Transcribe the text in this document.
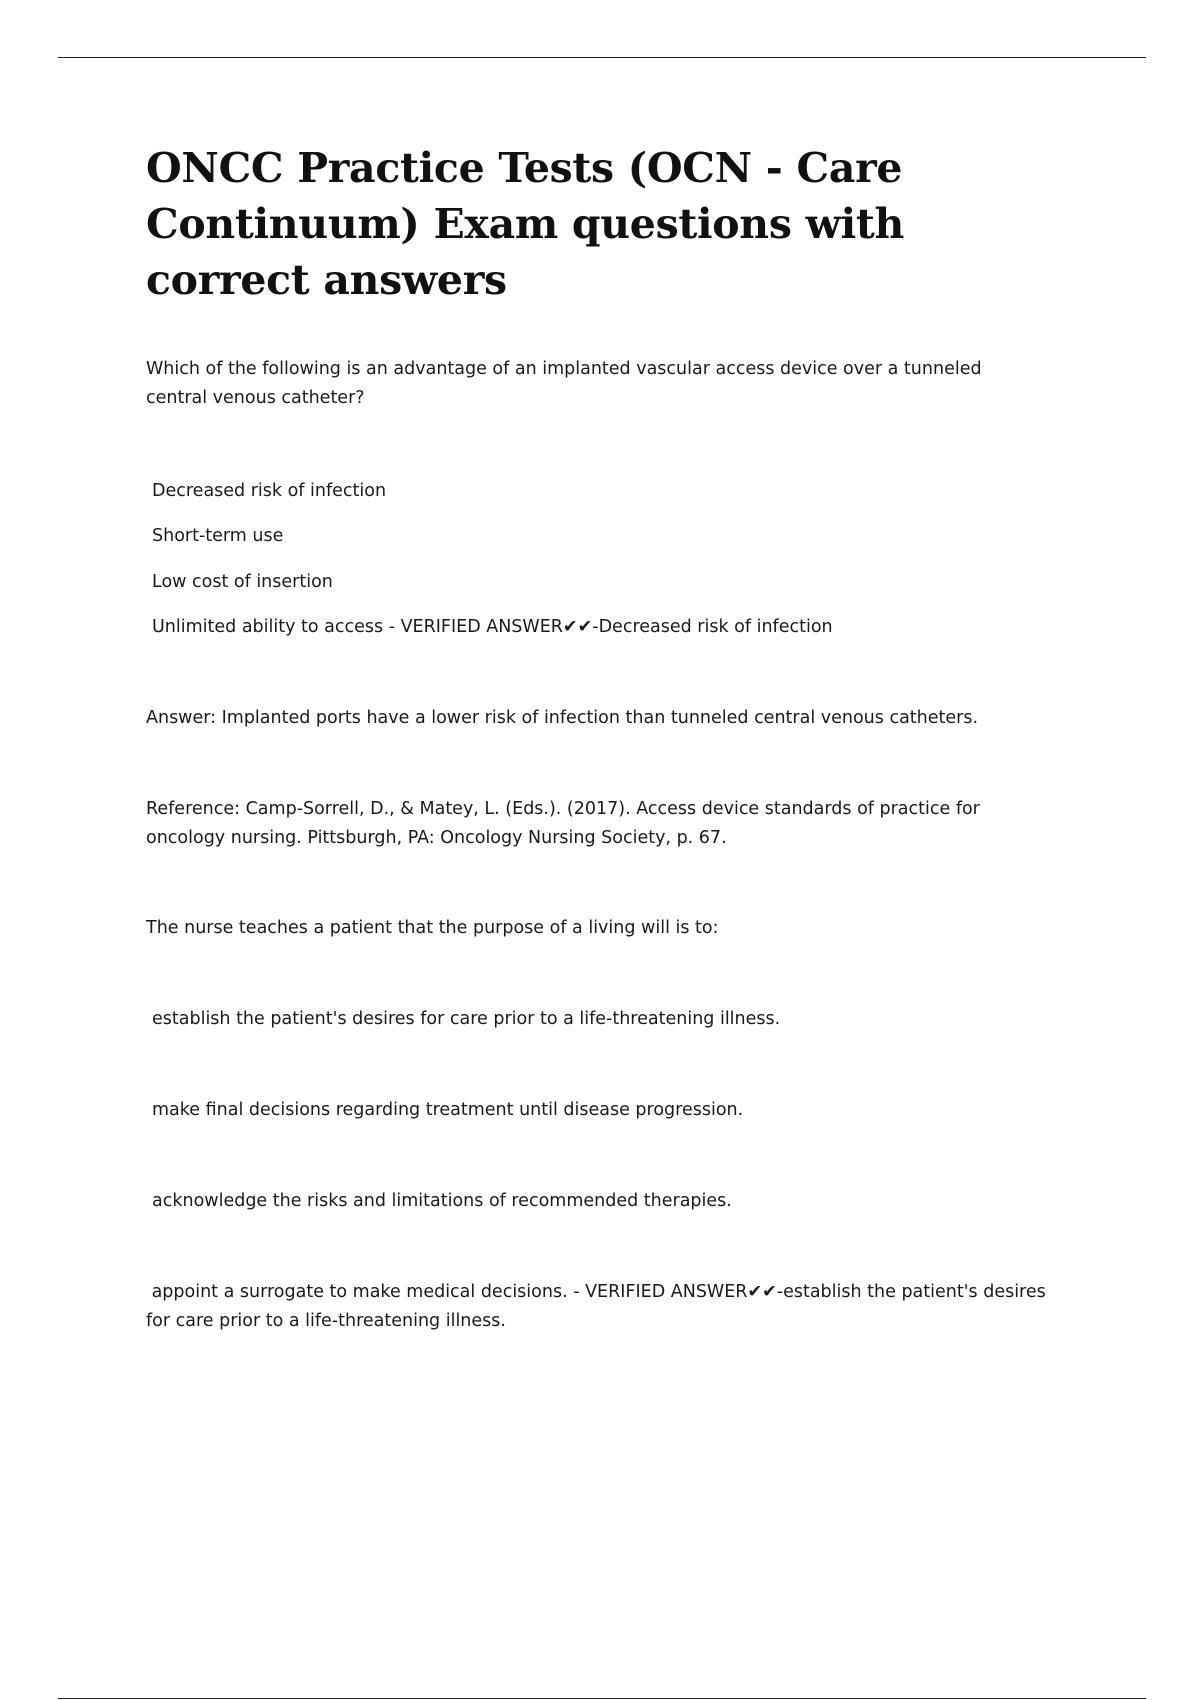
ONCC Practice Tests (OCN - Care Continuum) Exam questions with correct answers

Which of the following is an advantage of an implanted vascular access device over a tunneled central venous catheter?

Decreased risk of infection

Short-term use

Low cost of insertion

Unlimited ability to access - VERIFIED ANSWER✔✔-Decreased risk of infection

Answer: Implanted ports have a lower risk of infection than tunneled central venous catheters.

Reference: Camp-Sorrell, D., & Matey, L. (Eds.). (2017). Access device standards of practice for oncology nursing. Pittsburgh, PA: Oncology Nursing Society, p. 67.

The nurse teaches a patient that the purpose of a living will is to:

establish the patient's desires for care prior to a life-threatening illness.

make final decisions regarding treatment until disease progression.

acknowledge the risks and limitations of recommended therapies.

appoint a surrogate to make medical decisions. - VERIFIED ANSWER✔✔-establish the patient's desires for care prior to a life-threatening illness.
